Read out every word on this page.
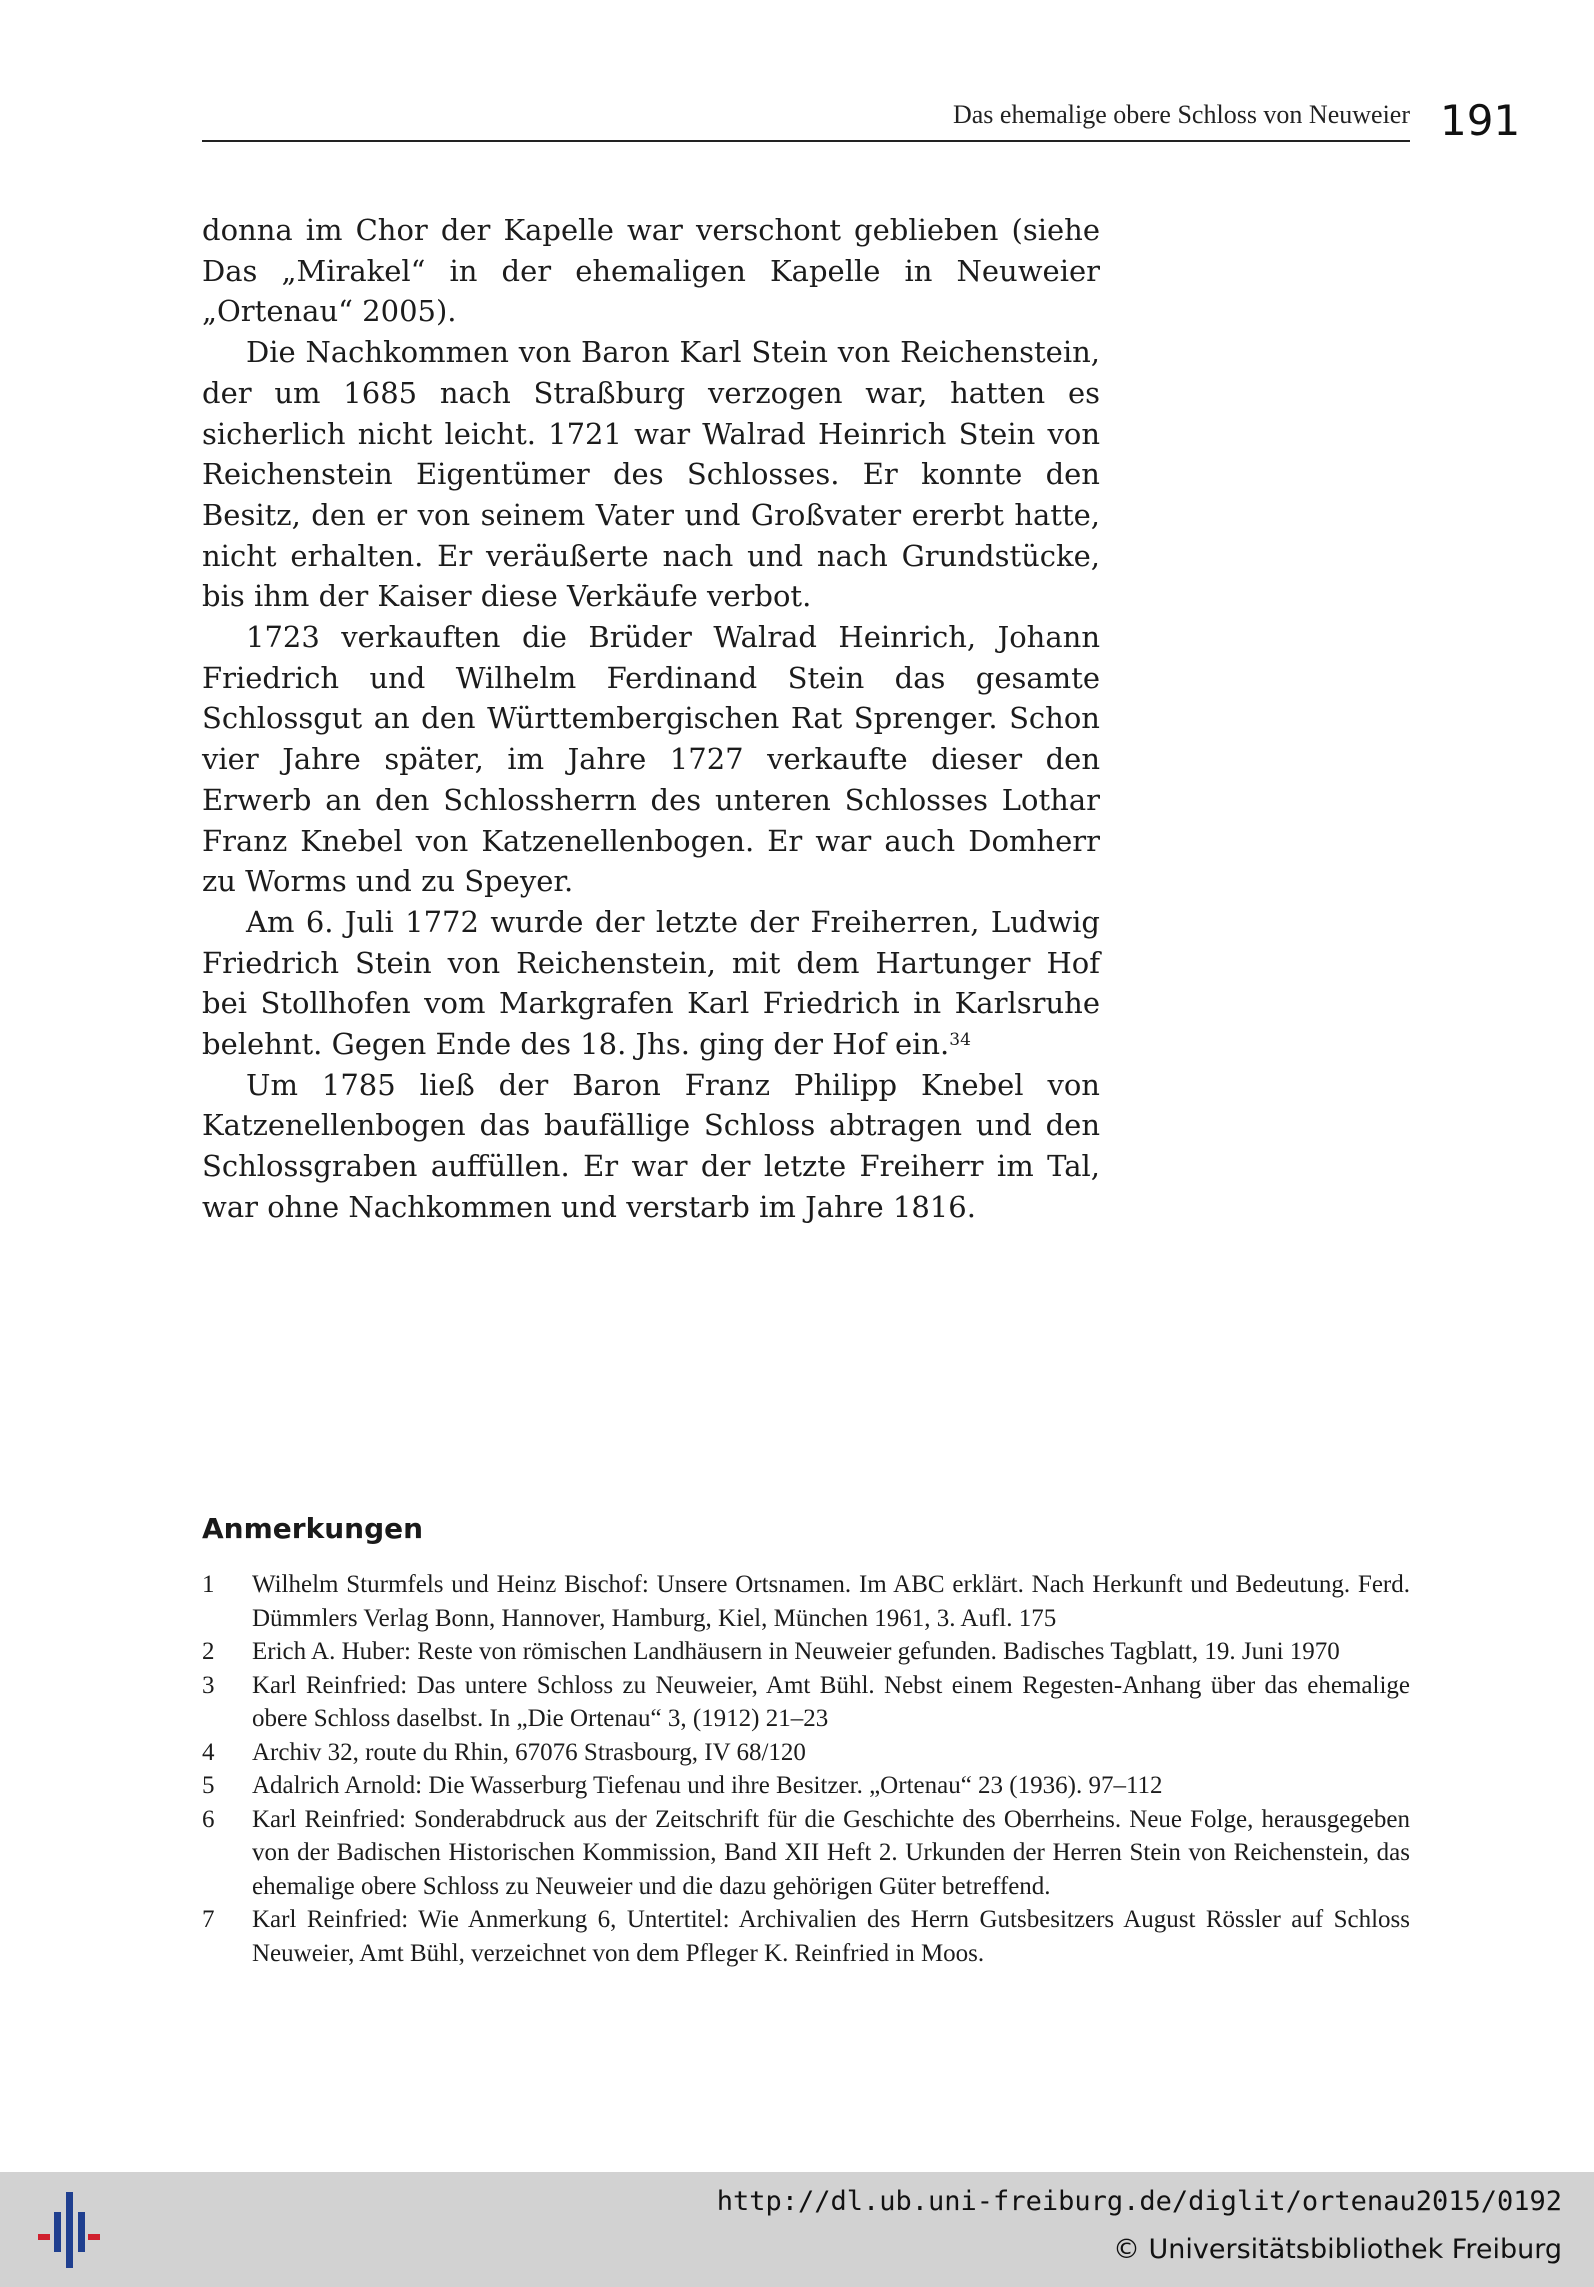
Das ehemalige obere Schloss von Neuweier 191

donna im Chor der Kapelle war verschont geblieben (siehe Das „Mirakel“ in der ehemaligen Kapelle in Neuweier „Ortenau“ 2005).

Die Nachkommen von Baron Karl Stein von Reichenstein, der um 1685 nach Straßburg verzogen war, hatten es sicherlich nicht leicht. 1721 war Walrad Heinrich Stein von Reichenstein Eigentümer des Schlosses. Er konnte den Besitz, den er von seinem Vater und Großvater ererbt hatte, nicht erhalten. Er veräußerte nach und nach Grundstücke, bis ihm der Kaiser diese Verkäufe verbot.

1723 verkauften die Brüder Walrad Heinrich, Johann Friedrich und Wilhelm Ferdinand Stein das gesamte Schlossgut an den Württembergischen Rat Sprenger. Schon vier Jahre später, im Jahre 1727 verkaufte dieser den Erwerb an den Schlossherrn des unteren Schlosses Lothar Franz Knebel von Katzenellenbogen. Er war auch Domherr zu Worms und zu Speyer.

Am 6. Juli 1772 wurde der letzte der Freiherren, Ludwig Friedrich Stein von Reichenstein, mit dem Hartunger Hof bei Stollhofen vom Markgrafen Karl Friedrich in Karlsruhe belehnt. Gegen Ende des 18. Jhs. ging der Hof ein.$^{34}$

Um 1785 ließ der Baron Franz Philipp Knebel von Katzenellenbogen das baufällige Schloss abtragen und den Schlossgraben auffüllen. Er war der letzte Freiherr im Tal, war ohne Nachkommen und verstarb im Jahre 1816.

Anmerkungen
1	Wilhelm Sturmfels und Heinz Bischof: Unsere Ortsnamen. Im ABC erklärt. Nach Herkunft und Bedeutung. Ferd. Dümmlers Verlag Bonn, Hannover, Hamburg, Kiel, München 1961, 3. Aufl. 175
2	Erich A. Huber: Reste von römischen Landhäusern in Neuweier gefunden. Badisches Tagblatt, 19. Juni 1970
3	Karl Reinfried: Das untere Schloss zu Neuweier, Amt Bühl. Nebst einem Regesten-Anhang über das ehemalige obere Schloss daselbst. In „Die Ortenau“ 3, (1912) 21–23
4	Archiv 32, route du Rhin, 67076 Strasbourg, IV 68/120
5	Adalrich Arnold: Die Wasserburg Tiefenau und ihre Besitzer. „Ortenau“ 23 (1936). 97–112
6	Karl Reinfried: Sonderabdruck aus der Zeitschrift für die Geschichte des Oberrheins. Neue Folge, herausgegeben von der Badischen Historischen Kommission, Band XII Heft 2. Urkunden der Herren Stein von Reichenstein, das ehemalige obere Schloss zu Neuweier und die dazu gehörigen Güter betreffend.
7	Karl Reinfried: Wie Anmerkung 6, Untertitel: Archivalien des Herrn Gutsbesitzers August Rössler auf Schloss Neuweier, Amt Bühl, verzeichnet von dem Pfleger K. Reinfried in Moos.
http://dl.ub.uni-freiburg.de/diglit/ortenau2015/0192
© Universitätsbibliothek Freiburg
